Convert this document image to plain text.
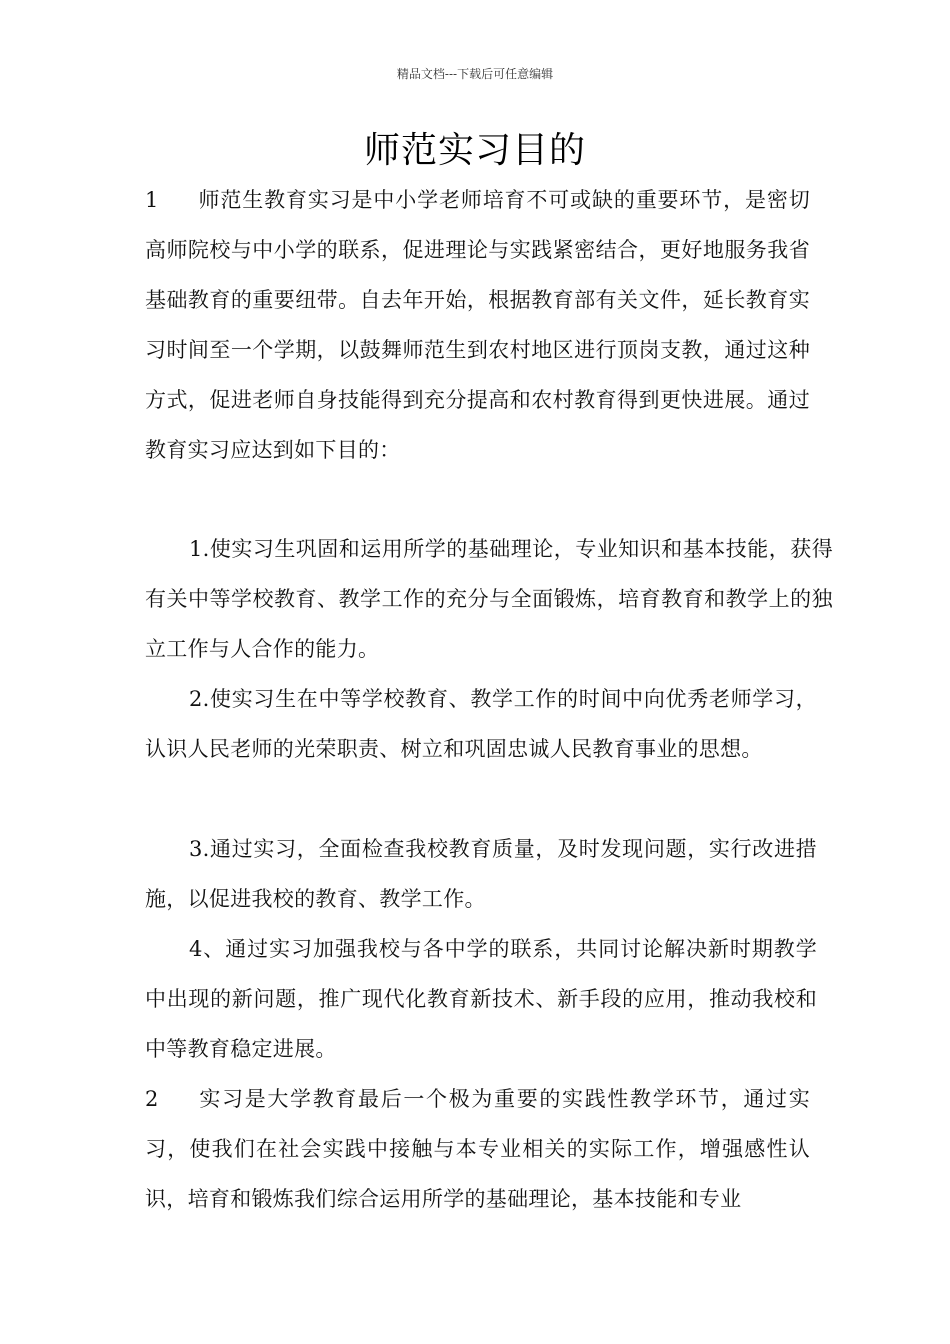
精品文档---下载后可任意编辑
师范实习目的
1 师范生教育实习是中小学老师培育不可或缺的重要环节，是密切高师院校与中小学的联系，促进理论与实践紧密结合，更好地服务我省基础教育的重要纽带。自去年开始，根据教育部有关文件，延长教育实习时间至一个学期，以鼓舞师范生到农村地区进行顶岗支教，通过这种方式，促进老师自身技能得到充分提高和农村教育得到更快进展。通过教育实习应达到如下目的：
1.使实习生巩固和运用所学的基础理论，专业知识和基本技能，获得有关中等学校教育、教学工作的充分与全面锻炼，培育教育和教学上的独立工作与人合作的能力。
2.使实习生在中等学校教育、教学工作的时间中向优秀老师学习，认识人民老师的光荣职责、树立和巩固忠诚人民教育事业的思想。
3.通过实习，全面检查我校教育质量，及时发现问题，实行改进措施，以促进我校的教育、教学工作。
4、通过实习加强我校与各中学的联系，共同讨论解决新时期教学中出现的新问题，推广现代化教育新技术、新手段的应用，推动我校和中等教育稳定进展。
2 实习是大学教育最后一个极为重要的实践性教学环节，通过实习，使我们在社会实践中接触与本专业相关的实际工作，增强感性认识，培育和锻炼我们综合运用所学的基础理论，基本技能和专业
